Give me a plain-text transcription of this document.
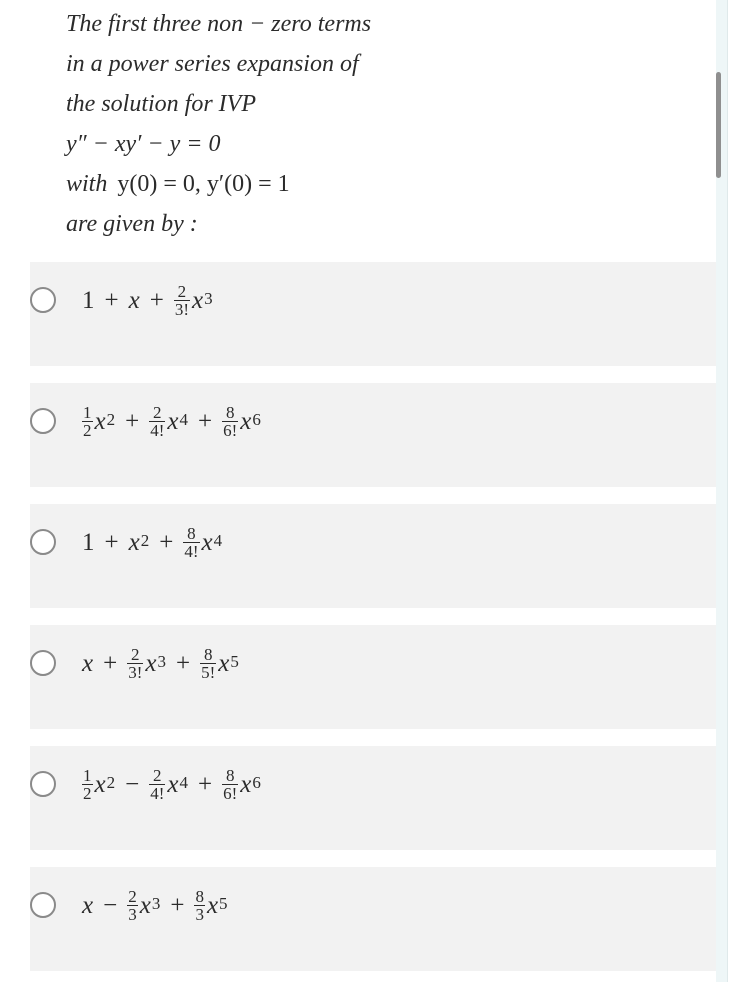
The first three non − zero terms
in a power series expansion of
the solution for IVP
y″ − xy′ − y = 0
with y(0) = 0, y′(0) = 1
are given by :
$1 + x + \frac{2}{3!} x^3$
$\frac{1}{2} x^2 + \frac{2}{4!} x^4 + \frac{8}{6!} x^6$
$1 + x^2 + \frac{8}{4!} x^4$
$x + \frac{2}{3!} x^3 + \frac{8}{5!} x^5$
$\frac{1}{2} x^2 - \frac{2}{4!} x^4 + \frac{8}{6!} x^6$
$x - \frac{2}{3} x^3 + \frac{8}{3} x^5$
